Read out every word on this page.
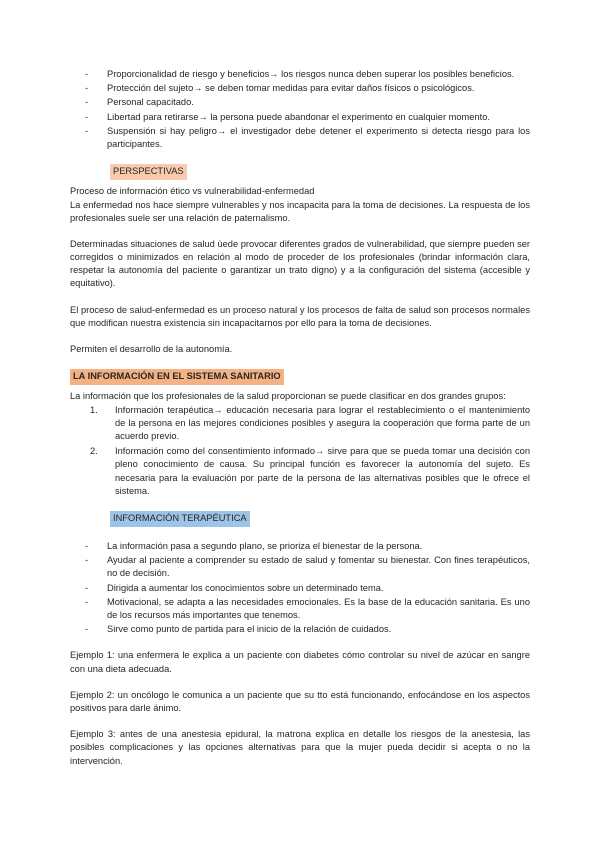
- Proporcionalidad de riesgo y beneficios→ los riesgos nunca deben superar los posibles beneficios.
- Protección del sujeto→ se deben tomar medidas para evitar daños físicos o psicológicos.
- Personal capacitado.
- Libertad para retirarse→ la persona puede abandonar el experimento en cualquier momento.
- Suspensión si hay peligro→ el investigador debe detener el experimento si detecta riesgo para los participantes.
PERSPECTIVAS

Proceso de información ético vs vulnerabilidad-enfermedad

La enfermedad nos hace siempre vulnerables y nos incapacita para la toma de decisiones. La respuesta de los profesionales suele ser una relación de paternalismo.

Determinadas situaciones de salud ùede provocar diferentes grados de vulnerabilidad, que siempre pueden ser corregidos o minimizados en relación al modo de proceder de los profesionales (brindar información clara, respetar la autonomía del paciente o garantizar un trato digno) y a la configuración del sistema (accesible y equitativo).

El proceso de salud-enfermedad es un proceso natural y los procesos de falta de salud son procesos normales que modifican nuestra existencia sin incapacitarnos por ello para la toma de decisiones.

Permiten el desarrollo de la autonomía.

LA INFORMACIÓN EN EL SISTEMA SANITARIO

La información que los profesionales de la salud proporcionan se puede clasificar en dos grandes grupos:

1. Información terapéutica→ educación necesaria para lograr el restablecimiento o el mantenimiento de la persona en las mejores condiciones posibles y asegura la cooperación que forma parte de un acuerdo previo.
2. Información como del consentimiento informado→ sirve para que se pueda tomar una decisión con pleno conocimiento de causa. Su principal función es favorecer la autonomía del sujeto. Es necesaria para la evaluación por parte de la persona de las alternativas posibles que le ofrece el sistema.
INFORMACIÓN TERAPÉUTICA
- La información pasa a segundo plano, se prioriza el bienestar de la persona.
- Ayudar al paciente a comprender su estado de salud y fomentar su bienestar. Con fines terapéuticos, no de decisión.
- Dirigida a aumentar los conocimientos sobre un determinado tema.
- Motivacional, se adapta a las necesidades emocionales. Es la base de la educación sanitaria. Es uno de los recursos más importantes que tenemos.
- Sirve como punto de partida para el inicio de la relación de cuidados.

Ejemplo 1: una enfermera le explica a un paciente con diabetes cómo controlar su nivel de azúcar en sangre con una dieta adecuada.

Ejemplo 2: un oncólogo le comunica a un paciente que su tto está funcionando, enfocándose en los aspectos positivos para darle ánimo.

Ejemplo 3: antes de una anestesia epidural, la matrona explica en detalle los riesgos de la anestesia, las posibles complicaciones y las opciones alternativas para que la mujer pueda decidir si acepta o no la intervención.
